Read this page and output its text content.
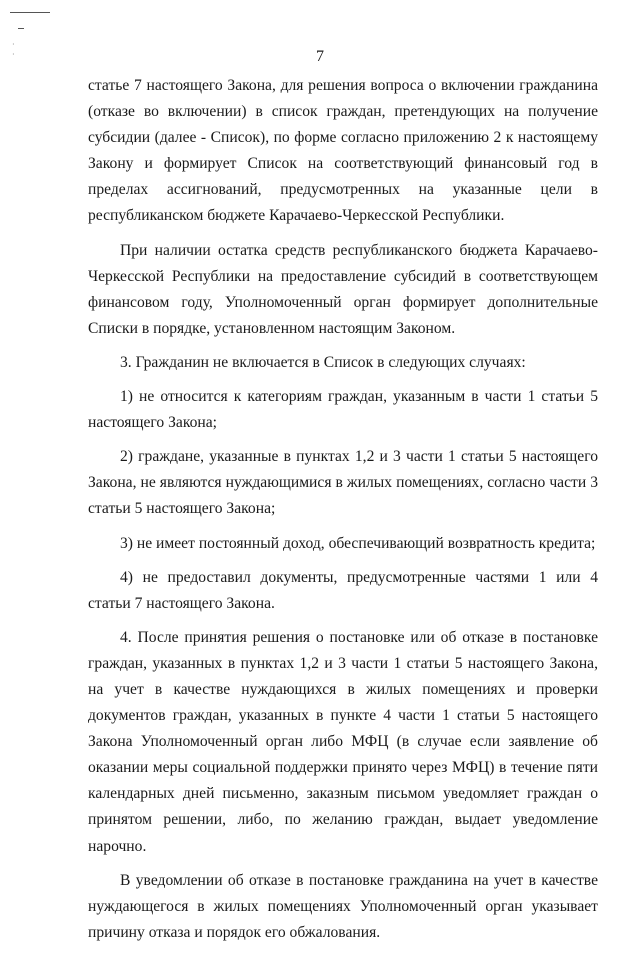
·
·	7

статье 7 настоящего Закона, для решения вопроса о включении гражданина (отказе во включении) в список граждан, претендующих на получение субсидии (далее - Список), по форме согласно приложению 2 к настоящему Закону и формирует Список на соответствующий финансовый год в пределах ассигнований, предусмотренных на указанные цели в республиканском бюджете Карачаево-Черкесской Республики.

При наличии остатка средств республиканского бюджета Карачаево-Черкесской Республики на предоставление субсидий в соответствующем финансовом году, Уполномоченный орган формирует дополнительные Списки в порядке, установленном настоящим Законом.

3. Гражданин не включается в Список в следующих случаях:

1) не относится к категориям граждан, указанным в части 1 статьи 5 настоящего Закона;

2) граждане, указанные в пунктах 1,2 и 3 части 1 статьи 5 настоящего Закона, не являются нуждающимися в жилых помещениях, согласно части 3 статьи 5 настоящего Закона;

3) не имеет постоянный доход, обеспечивающий возвратность кредита;

4) не предоставил документы, предусмотренные частями 1 или 4 статьи 7 настоящего Закона.

4. После принятия решения о постановке или об отказе в постановке граждан, указанных в пунктах 1,2 и 3 части 1 статьи 5 настоящего Закона, на учет в качестве нуждающихся в жилых помещениях и проверки документов граждан, указанных в пункте 4 части 1 статьи 5 настоящего Закона Уполномоченный орган либо МФЦ (в случае если заявление об оказании меры социальной поддержки принято через МФЦ) в течение пяти календарных дней письменно, заказным письмом уведомляет граждан о принятом решении, либо, по желанию граждан, выдает уведомление нарочно.

В уведомлении об отказе в постановке гражданина на учет в качестве нуждающегося в жилых помещениях Уполномоченный орган указывает причину отказа и порядок его обжалования.
